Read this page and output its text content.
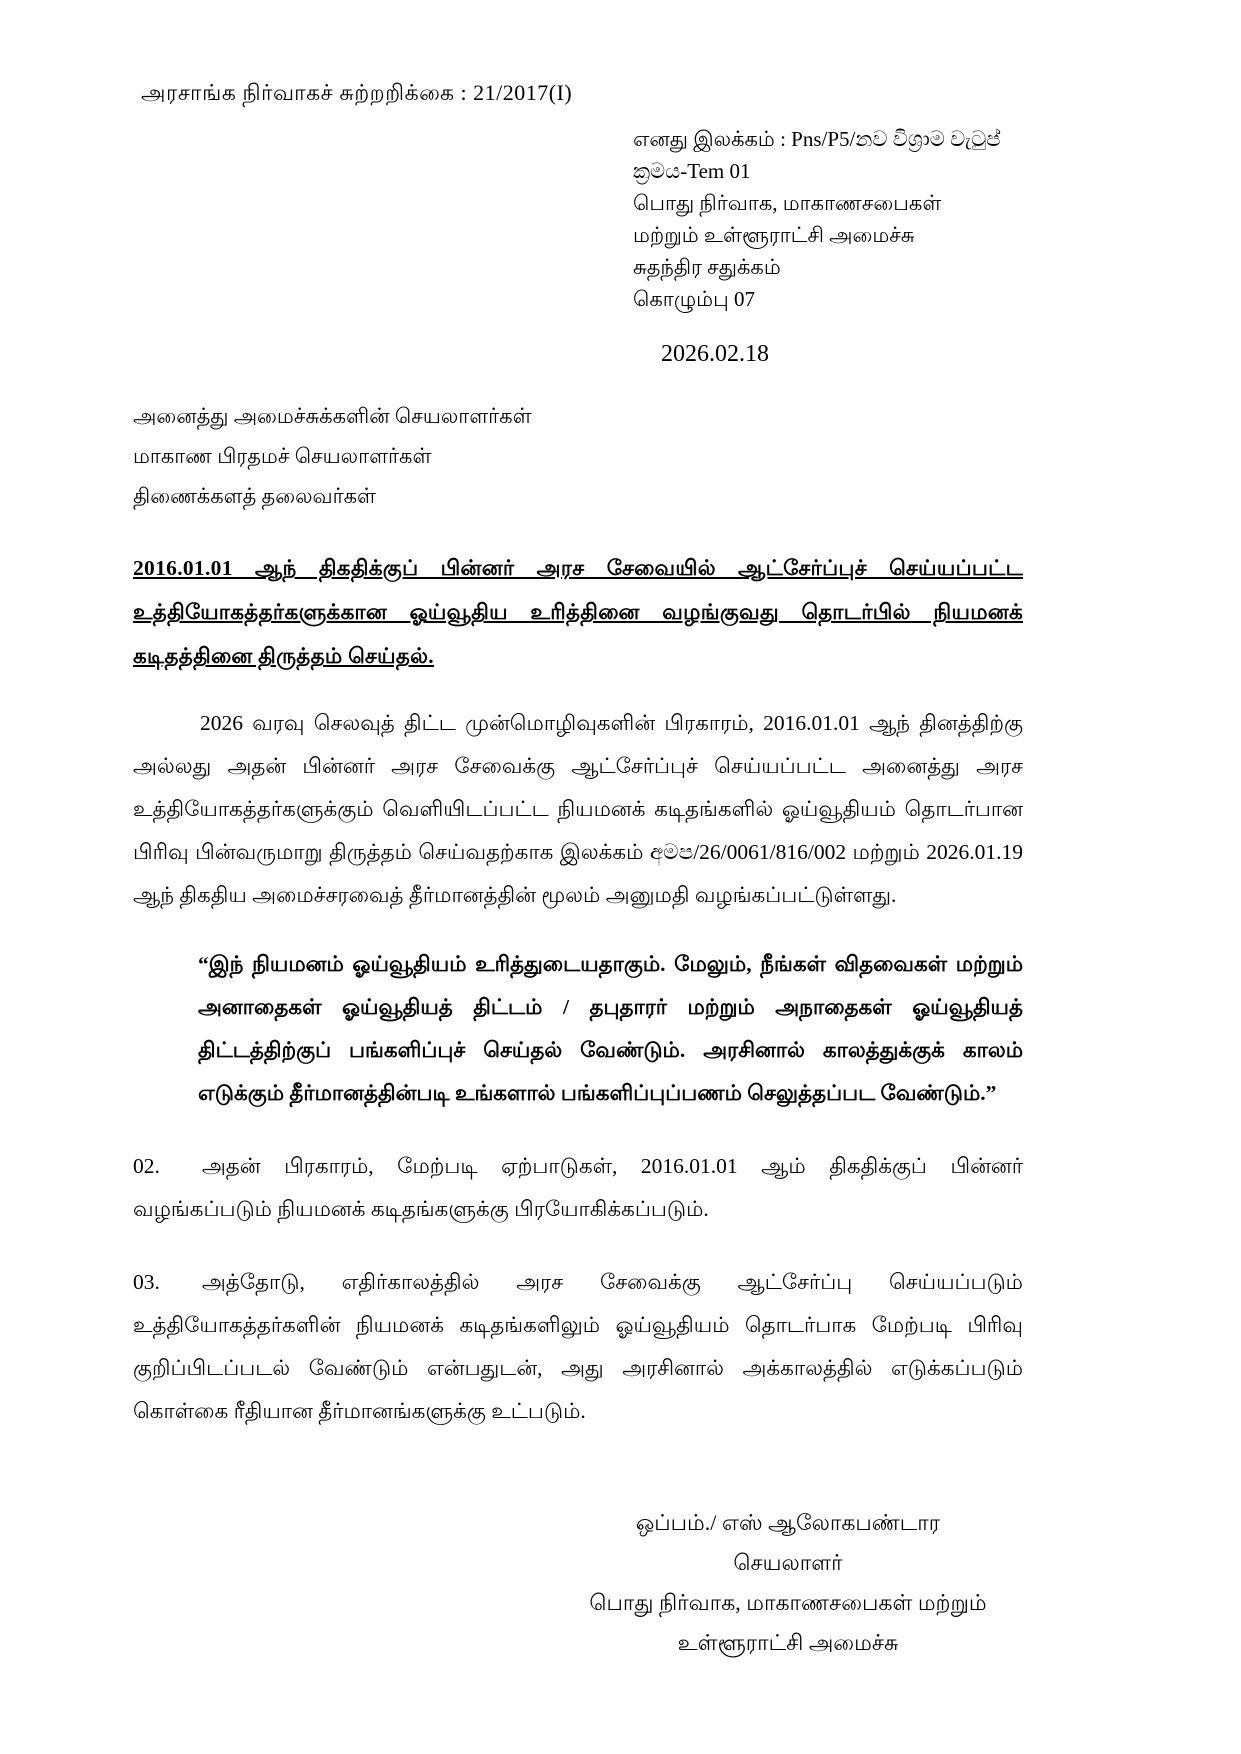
அரசாங்க நிர்வாகச் சுற்றறிக்கை : 21/2017(I)
எனது இலக்கம் : Pns/P5/නව විශ්‍රාම වැටුප්
ක්‍රමය-Tem 01
பொது நிர்வாக, மாகாணசபைகள்
மற்றும் உள்ளூராட்சி அமைச்சு
சுதந்திர சதுக்கம்
கொழும்பு 07
2026.02.18
அனைத்து அமைச்சுக்களின் செயலாளர்கள்
மாகாண பிரதமச் செயலாளர்கள்
திணைக்களத் தலைவர்கள்
2016.01.01 ஆந் திகதிக்குப் பின்னர் அரச சேவையில் ஆட்சேர்ப்புச் செய்யப்பட்ட உத்தியோகத்தர்களுக்கான ஓய்வூதிய உரித்தினை வழங்குவது தொடர்பில் நியமனக் கடிதத்தினை திருத்தம் செய்தல்.

2026 வரவு செலவுத் திட்ட முன்மொழிவுகளின் பிரகாரம், 2016.01.01 ஆந் தினத்திற்கு அல்லது அதன் பின்னர் அரச சேவைக்கு ஆட்சேர்ப்புச் செய்யப்பட்ட அனைத்து அரச உத்தியோகத்தர்களுக்கும் வெளியிடப்பட்ட நியமனக் கடிதங்களில் ஓய்வூதியம் தொடர்பான பிரிவு பின்வருமாறு திருத்தம் செய்வதற்காக இலக்கம் අමප/26/0061/816/002 மற்றும் 2026.01.19 ஆந் திகதிய அமைச்சரவைத் தீர்மானத்தின் மூலம் அனுமதி வழங்கப்பட்டுள்ளது.

“இந் நியமனம் ஓய்வூதியம் உரித்துடையதாகும். மேலும், நீங்கள் விதவைகள் மற்றும் அனாதைகள் ஓய்வூதியத் திட்டம் / தபுதாரர் மற்றும் அநாதைகள் ஓய்வூதியத் திட்டத்திற்குப் பங்களிப்புச் செய்தல் வேண்டும். அரசினால் காலத்துக்குக் காலம் எடுக்கும் தீர்மானத்தின்படி உங்களால் பங்களிப்புப்பணம் செலுத்தப்பட வேண்டும்.”

02. அதன் பிரகாரம், மேற்படி ஏற்பாடுகள், 2016.01.01 ஆம் திகதிக்குப் பின்னர் வழங்கப்படும் நியமனக் கடிதங்களுக்கு பிரயோகிக்கப்படும்.

03. அத்தோடு, எதிர்காலத்தில் அரச சேவைக்கு ஆட்சேர்ப்பு செய்யப்படும் உத்தியோகத்தர்களின் நியமனக் கடிதங்களிலும் ஓய்வூதியம் தொடர்பாக மேற்படி பிரிவு குறிப்பிடப்படல் வேண்டும் என்பதுடன், அது அரசினால் அக்காலத்தில் எடுக்கப்படும் கொள்கை ரீதியான தீர்மானங்களுக்கு உட்படும்.

ஒப்பம்./ எஸ் ஆலோகபண்டார
செயலாளர்
பொது நிர்வாக, மாகாணசபைகள் மற்றும்
உள்ளூராட்சி அமைச்சு
